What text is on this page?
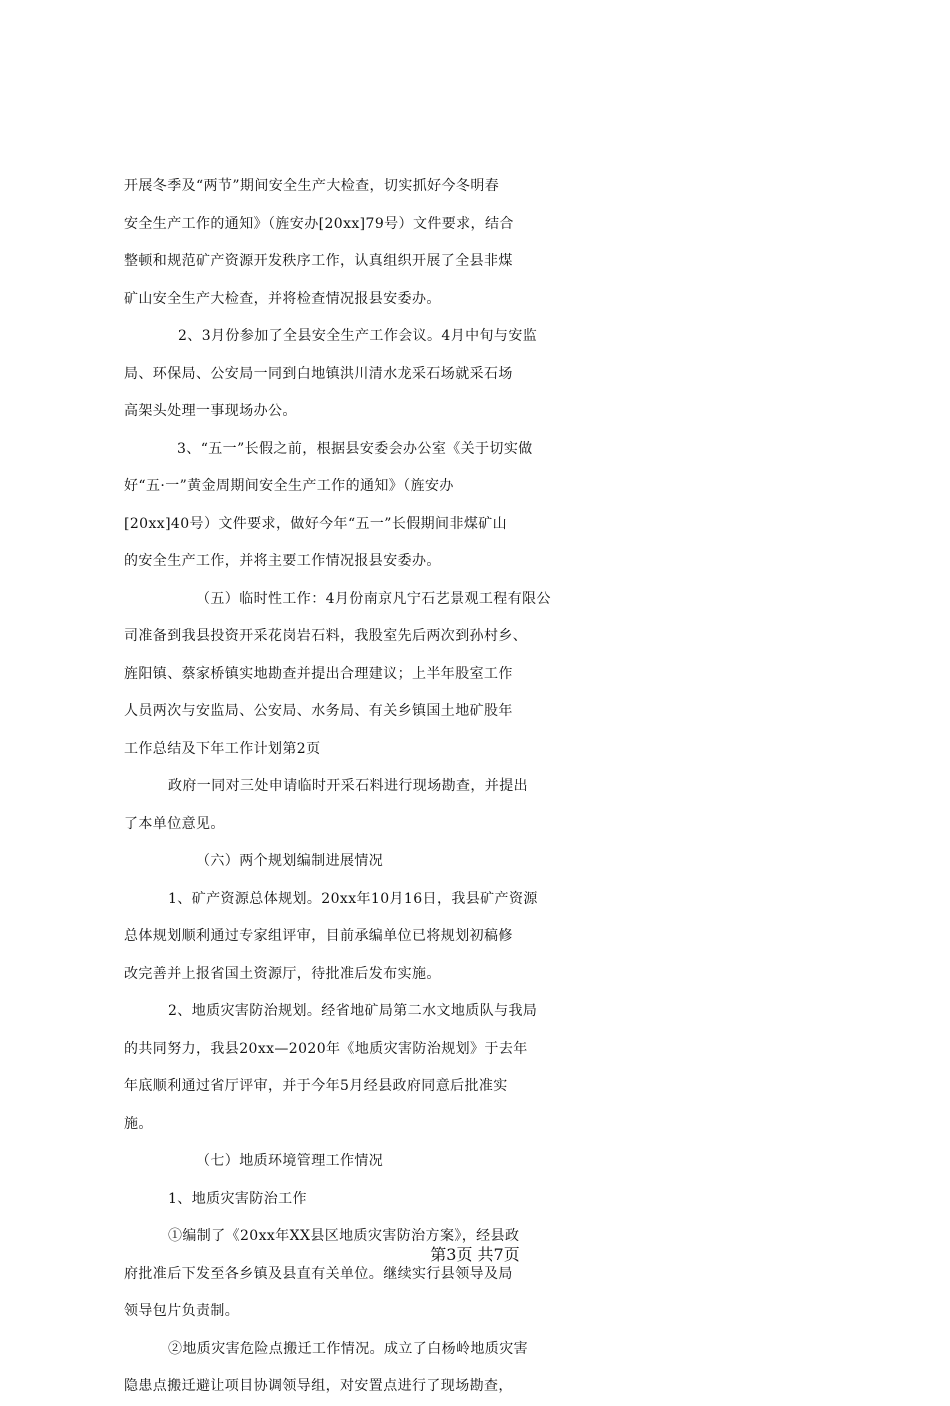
开展冬季及“两节”期间安全生产大检查，切实抓好今冬明春
安全生产工作的通知》（旌安办[20xx]79号）文件要求，结合
整顿和规范矿产资源开发秩序工作，认真组织开展了全县非煤
矿山安全生产大检查，并将检查情况报县安委办。
2、3月份参加了全县安全生产工作会议。4月中旬与安监
局、环保局、公安局一同到白地镇洪川清水龙采石场就采石场
高架头处理一事现场办公。
3、“五一”长假之前，根据县安委会办公室《关于切实做
好“五·一”黄金周期间安全生产工作的通知》（旌安办
[20xx]40号）文件要求，做好今年“五一”长假期间非煤矿山
的安全生产工作，并将主要工作情况报县安委办。
（五）临时性工作：4月份南京凡宁石艺景观工程有限公
司准备到我县投资开采花岗岩石料，我股室先后两次到孙村乡、
旌阳镇、蔡家桥镇实地勘查并提出合理建议；上半年股室工作
人员两次与安监局、公安局、水务局、有关乡镇国土地矿股年
工作总结及下年工作计划第2页
政府一同对三处申请临时开采石料进行现场勘查，并提出
了本单位意见。
（六）两个规划编制进展情况
1、矿产资源总体规划。20xx年10月16日，我县矿产资源
总体规划顺利通过专家组评审，目前承编单位已将规划初稿修
改完善并上报省国土资源厅，待批准后发布实施。
2、地质灾害防治规划。经省地矿局第二水文地质队与我局
的共同努力，我县20xx—2020年《地质灾害防治规划》于去年
年底顺利通过省厅评审，并于今年5月经县政府同意后批准实
施。
（七）地质环境管理工作情况
1、地质灾害防治工作
①编制了《20xx年XX县区地质灾害防治方案》，经县政
府批准后下发至各乡镇及县直有关单位。继续实行县领导及局
领导包片负责制。
②地质灾害危险点搬迁工作情况。成立了白杨岭地质灾害
隐患点搬迁避让项目协调领导组，对安置点进行了现场勘查，
第3页 共7页
